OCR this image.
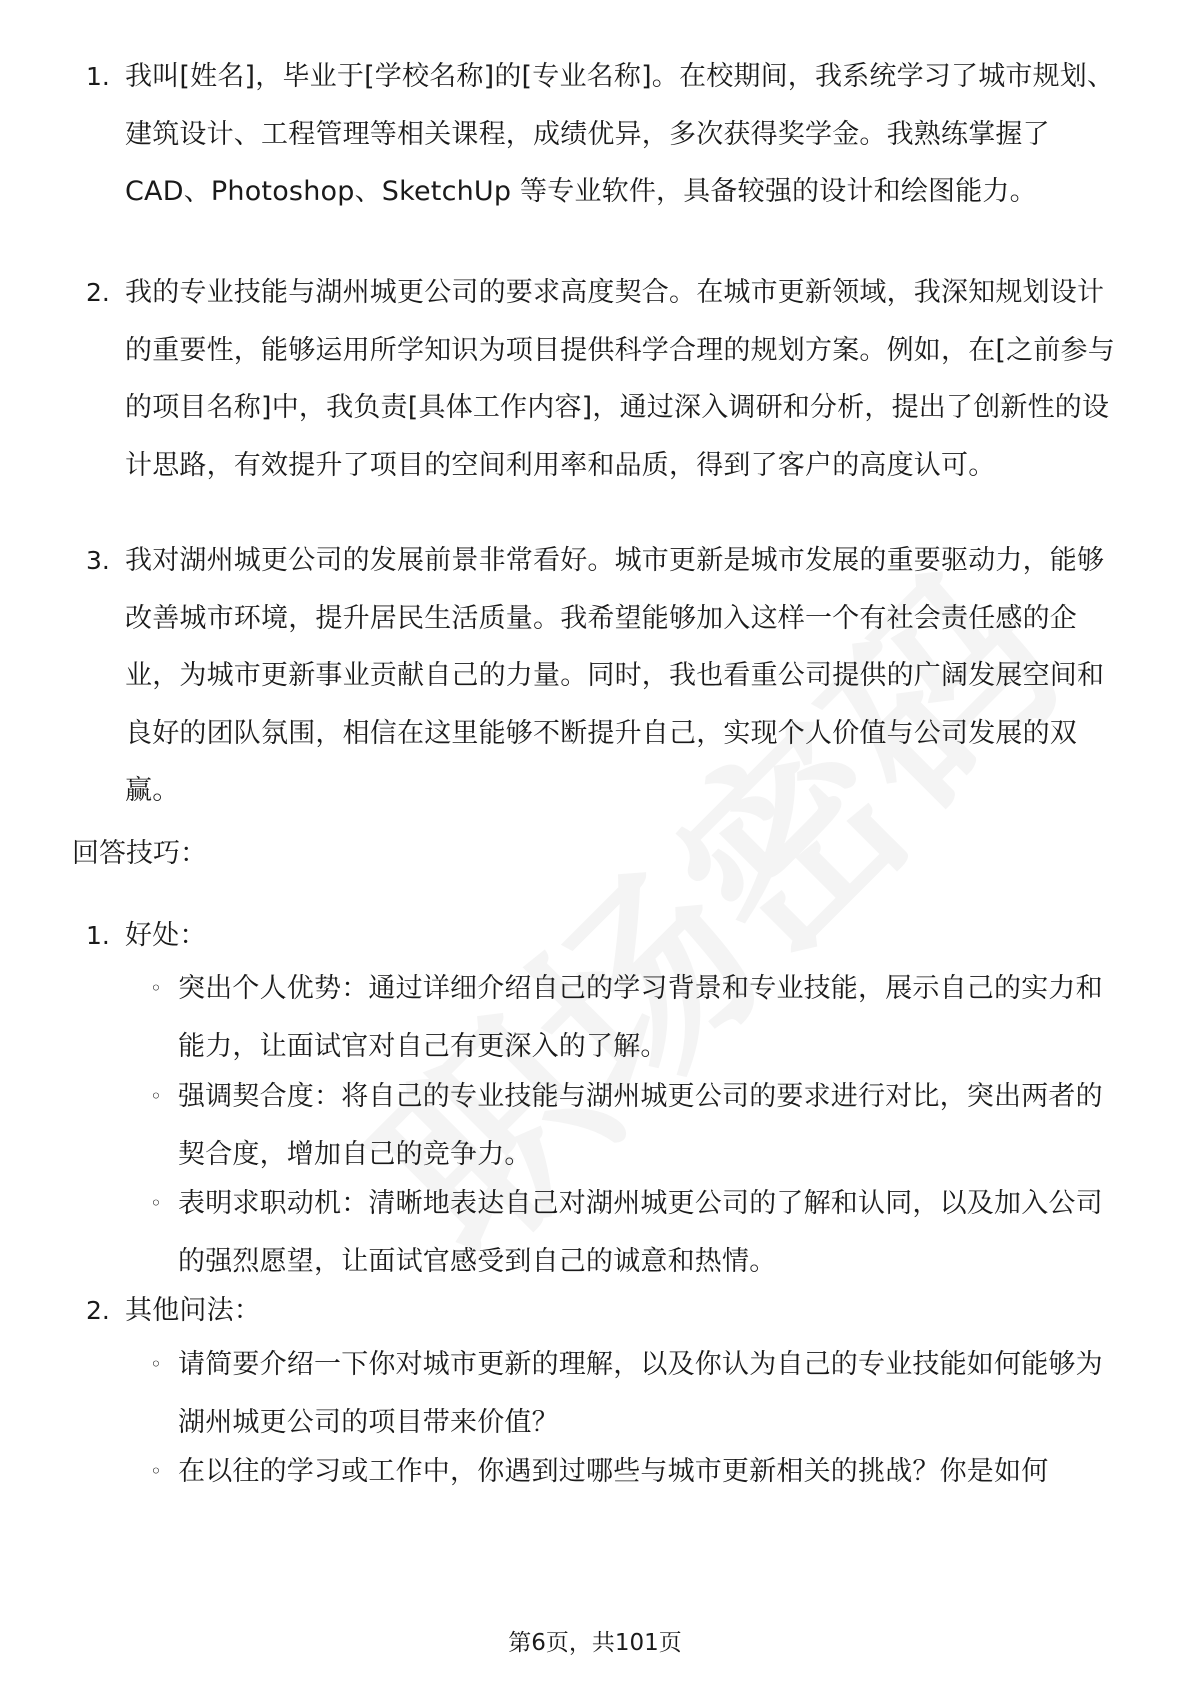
1. 我叫[姓名]，毕业于[学校名称]的[专业名称]。在校期间，我系统学习了城市规划、建筑设计、工程管理等相关课程，成绩优异，多次获得奖学金。我熟练掌握了 CAD、Photoshop、SketchUp 等专业软件，具备较强的设计和绘图能力。
2. 我的专业技能与湖州城更公司的要求高度契合。在城市更新领域，我深知规划设计的重要性，能够运用所学知识为项目提供科学合理的规划方案。例如，在[之前参与的项目名称]中，我负责[具体工作内容]，通过深入调研和分析，提出了创新性的设计思路，有效提升了项目的空间利用率和品质，得到了客户的高度认可。
3. 我对湖州城更公司的发展前景非常看好。城市更新是城市发展的重要驱动力，能够改善城市环境，提升居民生活质量。我希望能够加入这样一个有社会责任感的企业，为城市更新事业贡献自己的力量。同时，我也看重公司提供的广阔发展空间和良好的团队氛围，相信在这里能够不断提升自己，实现个人价值与公司发展的双赢。
回答技巧：
1. 好处：
◦ 突出个人优势：通过详细介绍自己的学习背景和专业技能，展示自己的实力和能力，让面试官对自己有更深入的了解。
◦ 强调契合度：将自己的专业技能与湖州城更公司的要求进行对比，突出两者的契合度，增加自己的竞争力。
◦ 表明求职动机：清晰地表达自己对湖州城更公司的了解和认同，以及加入公司的强烈愿望，让面试官感受到自己的诚意和热情。
2. 其他问法：
◦ 请简要介绍一下你对城市更新的理解，以及你认为自己的专业技能如何能够为湖州城更公司的项目带来价值？
◦ 在以往的学习或工作中，你遇到过哪些与城市更新相关的挑战？你是如何
第6页，共101页
